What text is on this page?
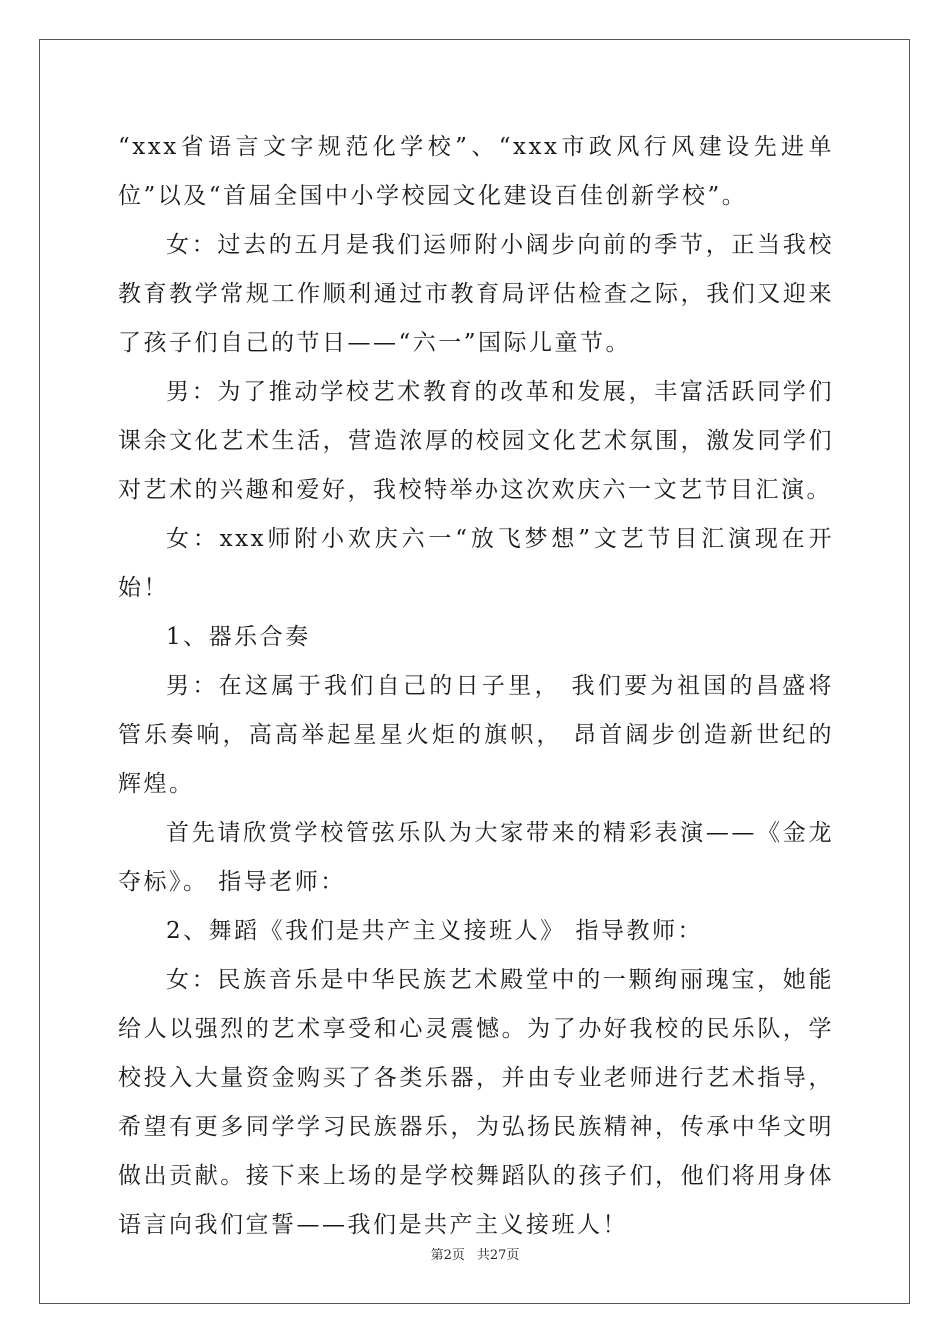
“xxx省语言文字规范化学校”、“xxx市政风行风建设先进单位”以及“首届全国中小学校园文化建设百佳创新学校”。

女：过去的五月是我们运师附小阔步向前的季节，正当我校教育教学常规工作顺利通过市教育局评估检查之际，我们又迎来了孩子们自己的节日——“六一”国际儿童节。

男：为了推动学校艺术教育的改革和发展，丰富活跃同学们课余文化艺术生活，营造浓厚的校园文化艺术氛围，激发同学们对艺术的兴趣和爱好，我校特举办这次欢庆六一文艺节目汇演。

女：xxx师附小欢庆六一“放飞梦想”文艺节目汇演现在开始！

1、器乐合奏

男：在这属于我们自己的日子里， 我们要为祖国的昌盛将管乐奏响，高高举起星星火炬的旗帜， 昂首阔步创造新世纪的辉煌。

首先请欣赏学校管弦乐队为大家带来的精彩表演——《金龙夺标》。 指导老师：

2、舞蹈《我们是共产主义接班人》 指导教师：

女：民族音乐是中华民族艺术殿堂中的一颗绚丽瑰宝，她能给人以强烈的艺术享受和心灵震憾。为了办好我校的民乐队，学校投入大量资金购买了各类乐器，并由专业老师进行艺术指导，希望有更多同学学习民族器乐，为弘扬民族精神，传承中华文明做出贡献。接下来上场的是学校舞蹈队的孩子们，他们将用身体语言向我们宣誓——我们是共产主义接班人！

第2页 共27页
